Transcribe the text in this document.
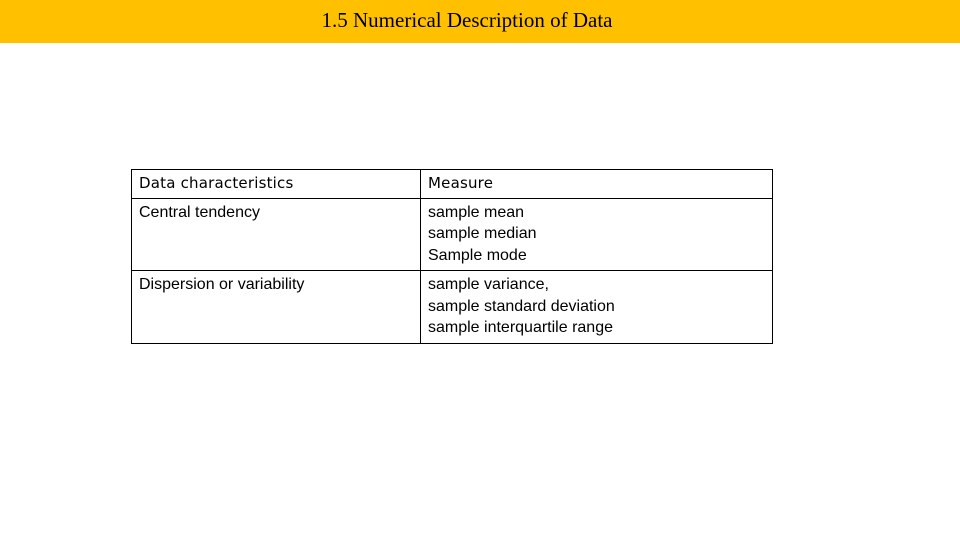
1.5 Numerical Description of Data
Data characteristics	Measure
Central tendency	sample mean
sample median
Sample mode

Dispersion or variability	sample variance,
sample standard deviation
sample interquartile range
